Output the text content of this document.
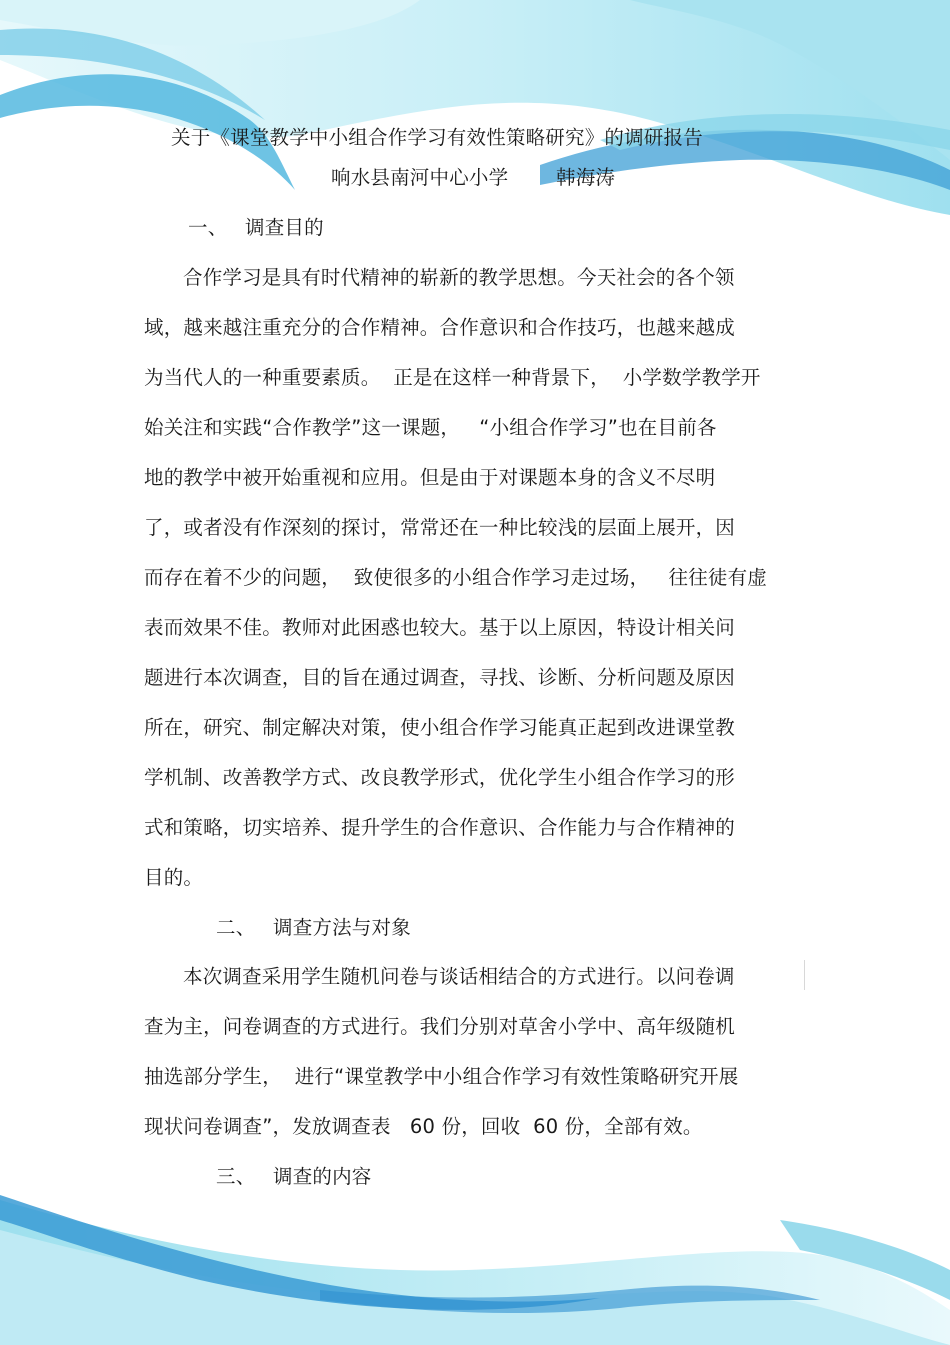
关于《课堂教学中小组合作学习有效性策略研究》的调研报告
响水县南河中心小学 韩海涛
一、 调查目的
合作学习是具有时代精神的崭新的教学思想。今天社会的各个领
域，越来越注重充分的合作精神。合作意识和合作技巧，也越来越成
为当代人的一种重要素质。  正是在这样一种背景下，  小学数学教学开
始关注和实践“合作教学”这一课题，   “小组合作学习”也在目前各
地的教学中被开始重视和应用。但是由于对课题本身的含义不尽明
了，或者没有作深刻的探讨，常常还在一种比较浅的层面上展开，因
而存在着不少的问题，  致使很多的小组合作学习走过场，   往往徒有虚
表而效果不佳。教师对此困惑也较大。基于以上原因，特设计相关问
题进行本次调查，目的旨在通过调查，寻找、诊断、分析问题及原因
所在，研究、制定解决对策，使小组合作学习能真正起到改进课堂教
学机制、改善教学方式、改良教学形式，优化学生小组合作学习的形
式和策略，切实培养、提升学生的合作意识、合作能力与合作精神的
目的。
二、 调查方法与对象
本次调查采用学生随机问卷与谈话相结合的方式进行。以问卷调
查为主，问卷调查的方式进行。我们分别对草舍小学中、高年级随机
抽选部分学生，  进行“课堂教学中小组合作学习有效性策略研究开展
现状问卷调查”，发放调查表   60 份，回收  60 份，全部有效。
三、 调查的内容
